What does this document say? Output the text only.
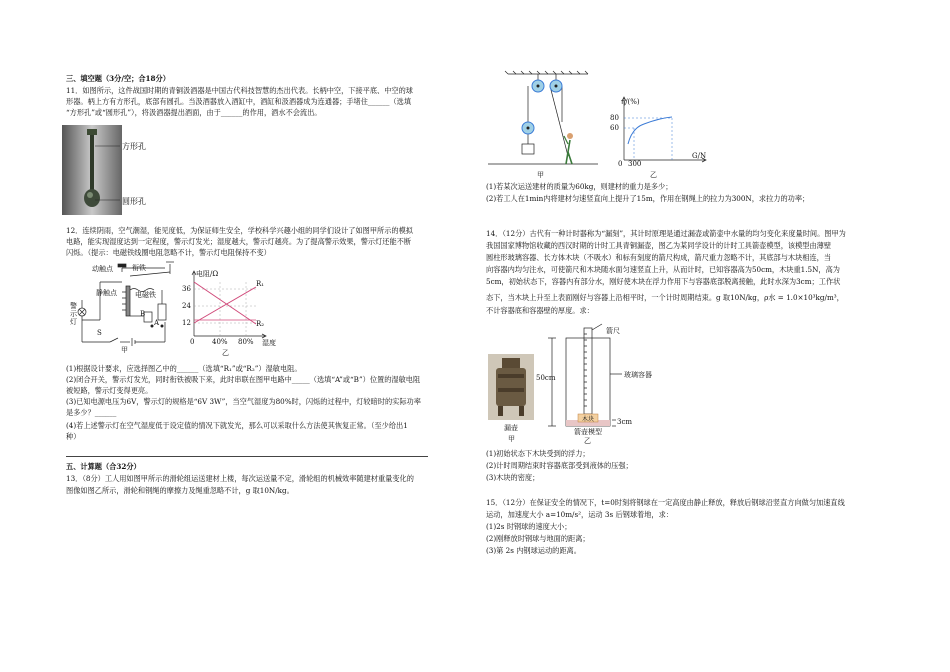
三、填空题（3分/空；合18分）
11．如图所示，这件战国时期的青铜汲酒器是中国古代科技智慧的杰出代表。长柄中空，下接平底、中空的球
形器。柄上方有方形孔，底部有圆孔。当汲酒器放入酒缸中，酒缸和汲酒器成为连通器；手堵住______（选填
“方形孔”或“圆形孔”），将汲酒器提出酒面，由于______的作用，酒水不会流出。
方形孔
圆形孔
12．连续阴雨，空气潮湿，能见度低，为保证师生安全，学校科学兴趣小组的同学们设计了如图甲所示的模拟
电路，能实现湿度达到一定程度，警示灯发光；湿度越大，警示灯越亮。为了提高警示效果，警示灯还能不断
闪烁。（提示：电磁铁线圈电阻忽略不计，警示灯电阻保持不变）
动触点	衔铁
静触点	电磁铁
警示灯
S
A
B
甲
电阻/Ω
36
24
12
0	40% 80% 湿度
R₁
R₂
乙
(1)根据设计要求，应选择图乙中的______（选填“R₁”或“R₂”）湿敏电阻。
(2)闭合开关，警示灯发光，同时衔铁被吸下来，此时串联在图甲电路中_____（选填“A”或“B”）位置的湿敏电阻
被短路，警示灯变得更亮。
(3)已知电源电压为6V，警示灯的规格是“6V 3W”，当空气湿度为80%时，闪烁的过程中，灯较暗时的实际功率
是多少？______
(4)若上述警示灯在空气湿度低于设定值的情况下就发光，那么可以采取什么方法使其恢复正常。（至少给出1
种）
五、计算题（合32分）
13．（8分）工人用如图甲所示的滑轮组运送建材上楼，每次运送量不定，滑轮组的机械效率随建材重量变化的
图像如图乙所示，滑轮和钢绳的摩擦力及绳重忽略不计，g 取10N/kg。
甲
η/(%)
80
60
0 300
G/N
乙
(1)若某次运送建材的质量为60kg，则建材的重力是多少；
(2)若工人在1min内将建材匀速竖直向上提升了15m，作用在钢绳上的拉力为300N，求拉力的功率；
14．（12分）古代有一种计时器称为“漏刻”，其计时原理是通过漏壶或箭壶中水量的均匀变化来度量时间。图甲为
我国国家博物馆收藏的西汉时期的计时工具青铜漏壶，图乙为某同学设计的计时工具箭壶模型，该模型由薄壁
圆柱形玻璃容器、长方体木块（不吸水）和标有刻度的箭尺构成，箭尺重力忽略不计，其底部与木块相连，当
向容器内均匀注水，可使箭尺和木块随水面匀速竖直上升，从而计时，已知容器高为50cm，木块重1.5N，高为
5cm，初始状态下，容器内有部分水，刚好使木块在浮力作用下与容器底部脱离接触，此时水深为3cm；工作状
态下，当木块上升至上表面刚好与容器上沿相平时，一个计时周期结束。g 取10N/kg，ρ水 = 1.0×10³kg/m³，
不计容器底和容器壁的厚度。求：
漏壶
甲
箭尺
玻璃容器
50cm
木块	3cm
箭壶模型
乙
(1)初始状态下木块受到的浮力；
(2)计时周期结束时容器底部受到液体的压强；
(3)木块的密度；
15．（12分）在保证安全的情况下，t=0时刻将钢球在一定高度由静止释放，释放后钢球沿竖直方向做匀加速直线
运动，加速度大小 a=10m/s²，运动 3s 后钢球着地，求：
(1)2s 时钢球的速度大小；
(2)刚释放时钢球与地面的距离；
(3)第 2s 内钢球运动的距离。
